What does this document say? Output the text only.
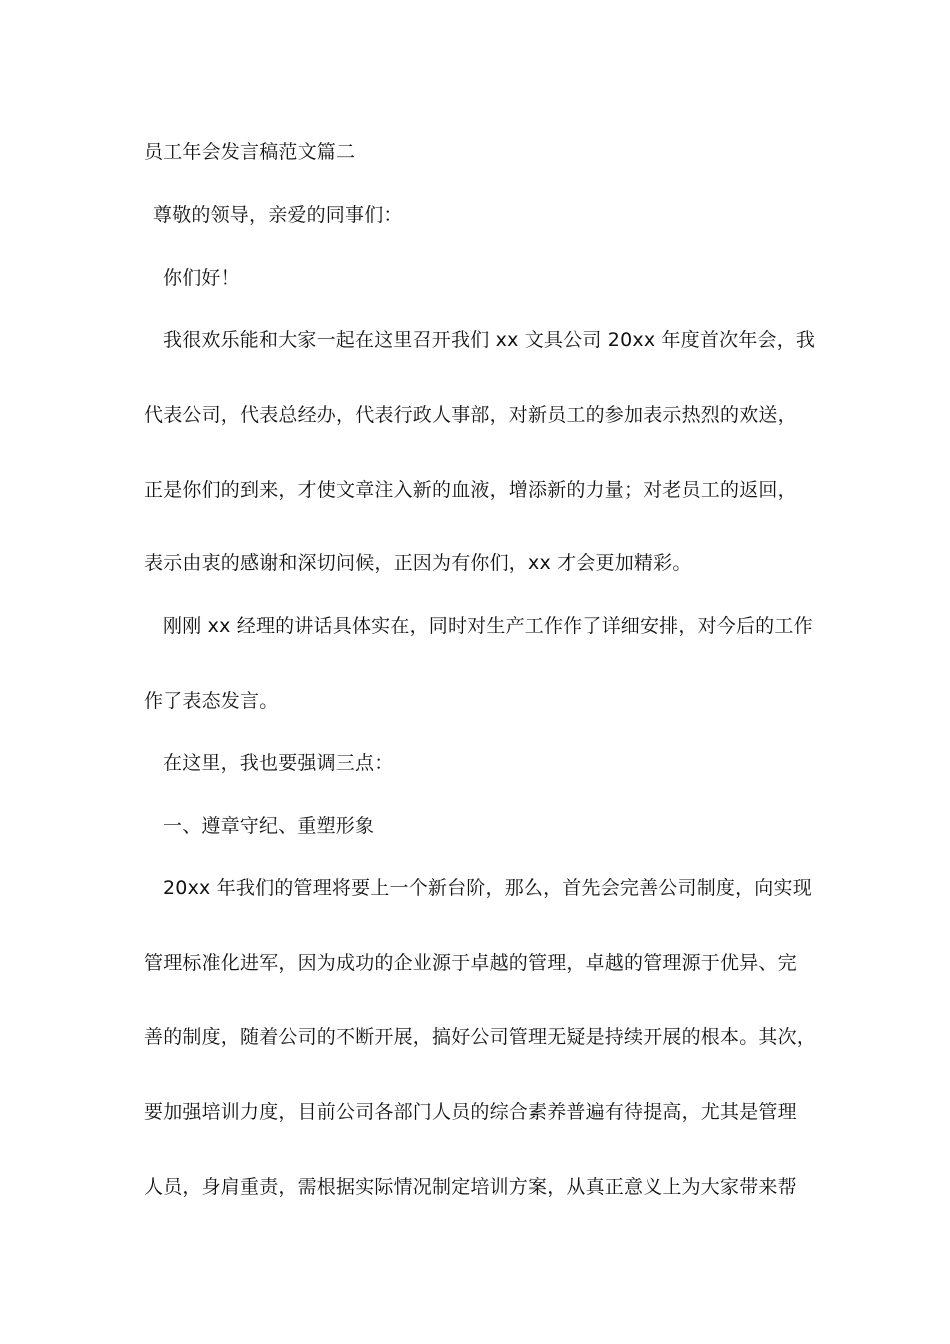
员工年会发言稿范文篇二
尊敬的领导，亲爱的同事们：
你们好！
我很欢乐能和大家一起在这里召开我们 xx 文具公司 20xx 年度首次年会，我
代表公司，代表总经办，代表行政人事部，对新员工的参加表示热烈的欢送，
正是你们的到来，才使文章注入新的血液，增添新的力量；对老员工的返回，
表示由衷的感谢和深切问候，正因为有你们，xx 才会更加精彩。
刚刚 xx 经理的讲话具体实在，同时对生产工作作了详细安排，对今后的工作
作了表态发言。
在这里，我也要强调三点：
一、遵章守纪、重塑形象
20xx 年我们的管理将要上一个新台阶，那么，首先会完善公司制度，向实现
管理标准化进军，因为成功的企业源于卓越的管理，卓越的管理源于优异、完
善的制度，随着公司的不断开展，搞好公司管理无疑是持续开展的根本。其次，
要加强培训力度，目前公司各部门人员的综合素养普遍有待提高，尤其是管理
人员，身肩重责，需根据实际情况制定培训方案，从真正意义上为大家带来帮
